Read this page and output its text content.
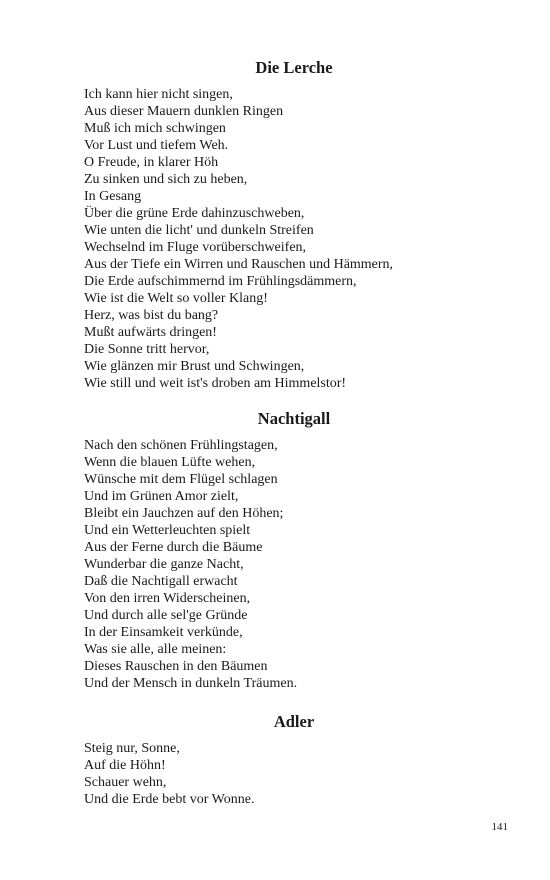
Die Lerche
Ich kann hier nicht singen,
Aus dieser Mauern dunklen Ringen
Muß ich mich schwingen
Vor Lust und tiefem Weh.
O Freude, in klarer Höh
Zu sinken und sich zu heben,
In Gesang
Über die grüne Erde dahinzuschweben,
Wie unten die licht' und dunkeln Streifen
Wechselnd im Fluge vorüberschweifen,
Aus der Tiefe ein Wirren und Rauschen und Hämmern,
Die Erde aufschimmernd im Frühlingsdämmern,
Wie ist die Welt so voller Klang!
Herz, was bist du bang?
Mußt aufwärts dringen!
Die Sonne tritt hervor,
Wie glänzen mir Brust und Schwingen,
Wie still und weit ist's droben am Himmelstor!
Nachtigall
Nach den schönen Frühlingstagen,
Wenn die blauen Lüfte wehen,
Wünsche mit dem Flügel schlagen
Und im Grünen Amor zielt,
Bleibt ein Jauchzen auf den Höhen;
Und ein Wetterleuchten spielt
Aus der Ferne durch die Bäume
Wunderbar die ganze Nacht,
Daß die Nachtigall erwacht
Von den irren Widerscheinen,
Und durch alle sel'ge Gründe
In der Einsamkeit verkünde,
Was sie alle, alle meinen:
Dieses Rauschen in den Bäumen
Und der Mensch in dunkeln Träumen.
Adler
Steig nur, Sonne,
Auf die Höhn!
Schauer wehn,
Und die Erde bebt vor Wonne.
141
